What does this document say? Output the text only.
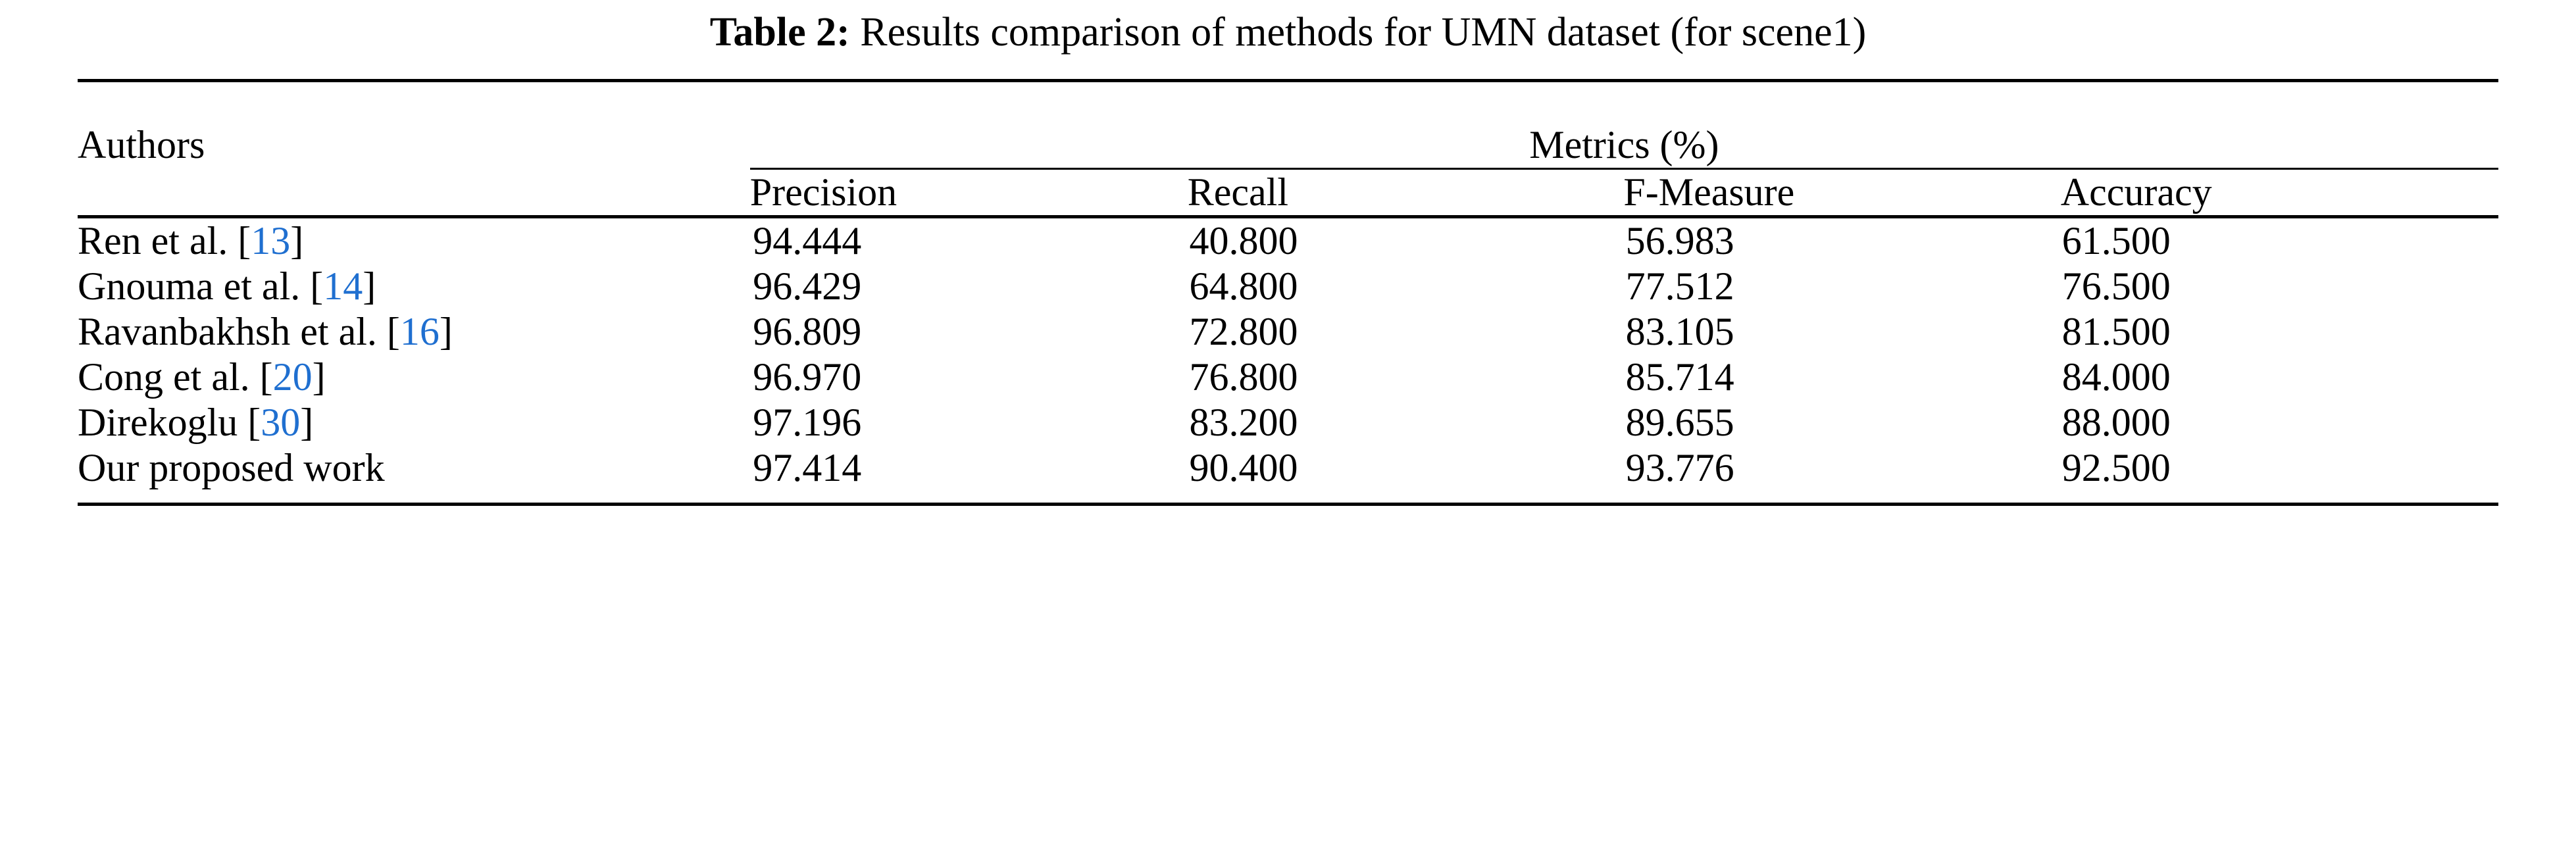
Table 2: Results comparison of methods for UMN dataset (for scene1)
Authors	Metrics (%)			

	Precision	Recall	F-Measure	Accuracy
Ren et al. [13]	94.444	40.800	56.983	61.500
Gnouma et al. [14]	96.429	64.800	77.512	76.500
Ravanbakhsh et al. [16]	96.809	72.800	83.105	81.500
Cong et al. [20]	96.970	76.800	85.714	84.000
Direkoglu [30]	97.196	83.200	89.655	88.000
Our proposed work	97.414	90.400	93.776	92.500
